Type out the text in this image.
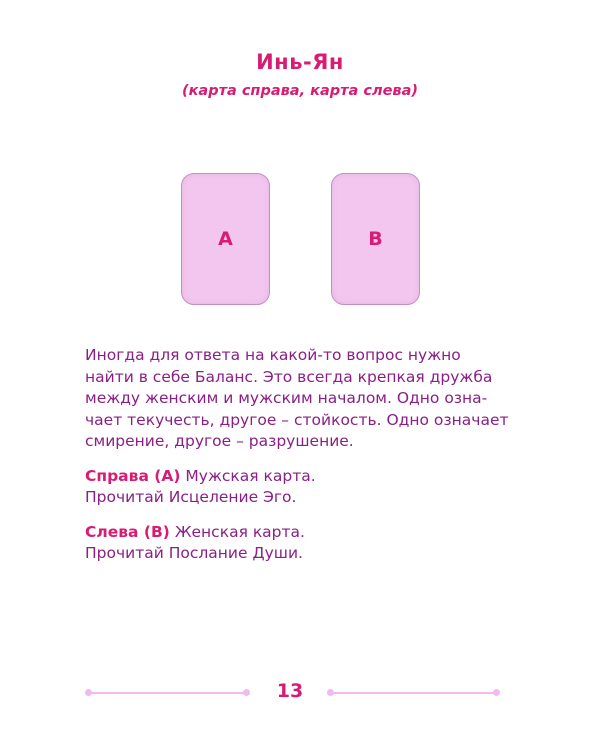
Инь-Ян
(карта справа, карта слева)
A	B

Иногда для ответа на какой-то вопрос нужно
найти в себе Баланс. Это всегда крепкая дружба
между женским и мужским началом. Одно озна-
чает текучесть, другое – стойкость. Одно означает
смирение, другое – разрушение.

Справа (А) Мужская карта.
Прочитай Исцеление Эго.

Слева (В) Женская карта.
Прочитай Послание Души.

13
